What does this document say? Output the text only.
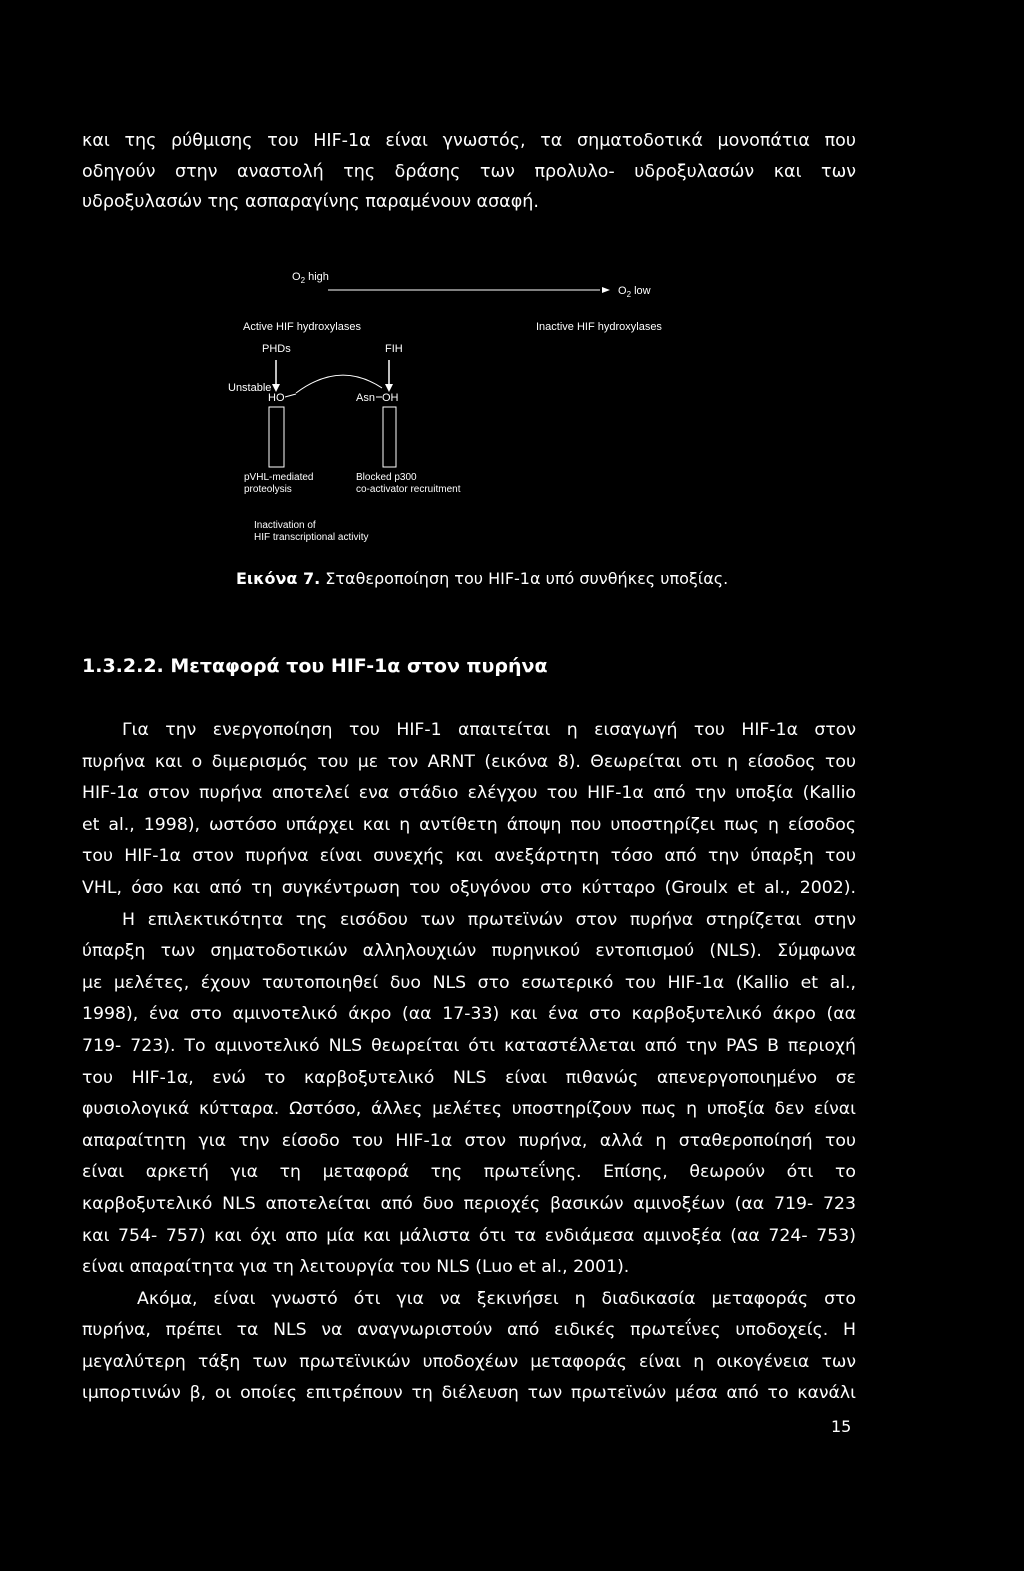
και της ρύθμισης του HIF-1α είναι γνωστός, τα σηματοδοτικά μονοπάτια που
οδηγούν στην αναστολή της δράσης των προλυλο- υδροξυλασών και των
υδροξυλασών της ασπαραγίνης παραμένουν ασαφή.
$O_2$ high
$O_2$ low
Active HIF hydroxylases	Inactive HIF hydroxylases
PHDs	FIH
Unstable
HO	Asn OH
pVHL-mediated
proteolysis
Blocked p300
co-activator recruitment
Inactivation of
HIF transcriptional activity
Εικόνα 7. Σταθεροποίηση του HIF-1α υπό συνθήκες υποξίας.
1.3.2.2. Μεταφορά του HIF-1α στον πυρήνα
Για την ενεργοποίηση του HIF-1 απαιτείται η εισαγωγή του HIF-1α στον
πυρήνα και ο διμερισμός του με τον ARNT (εικόνα 8). Θεωρείται οτι η είσοδος του
HIF-1α στον πυρήνα αποτελεί ενα στάδιο ελέγχου του HIF-1α από την υποξία (Kallio
et al., 1998), ωστόσο υπάρχει και η αντίθετη άποψη που υποστηρίζει πως η είσοδος
του HIF-1α στον πυρήνα είναι συνεχής και ανεξάρτητη τόσο από την ύπαρξη του
VHL, όσο και από τη συγκέντρωση του οξυγόνου στο κύτταρο (Groulx et al., 2002).
Η επιλεκτικότητα της εισόδου των πρωτεϊνών στον πυρήνα στηρίζεται στην
ύπαρξη των σηματοδοτικών αλληλουχιών πυρηνικού εντοπισμού (NLS). Σύμφωνα
με μελέτες, έχουν ταυτοποιηθεί δυο NLS στο εσωτερικό του HIF-1α (Kallio et al.,
1998), ένα στο αμινοτελικό άκρο (αα 17-33) και ένα στο καρβοξυτελικό άκρο (αα
719- 723). Το αμινοτελικό NLS θεωρείται ότι καταστέλλεται από την PAS B περιοχή
του HIF-1α, ενώ το καρβοξυτελικό NLS είναι πιθανώς απενεργοποιημένο σε
φυσιολογικά κύτταρα. Ωστόσο, άλλες μελέτες υποστηρίζουν πως η υποξία δεν είναι
απαραίτητη για την είσοδο του HIF-1α στον πυρήνα, αλλά η σταθεροποίησή του
είναι αρκετή για τη μεταφορά της πρωτεΐνης. Επίσης, θεωρούν ότι το
καρβοξυτελικό NLS αποτελείται από δυο περιοχές βασικών αμινοξέων (αα 719- 723
και 754- 757) και όχι απο μία και μάλιστα ότι τα ενδιάμεσα αμινοξέα (αα 724- 753)
είναι απαραίτητα για τη λειτουργία του NLS (Luo et al., 2001).
Ακόμα, είναι γνωστό ότι για να ξεκινήσει η διαδικασία μεταφοράς στο
πυρήνα, πρέπει τα NLS να αναγνωριστούν από ειδικές πρωτεΐνες υποδοχείς. Η
μεγαλύτερη τάξη των πρωτεϊνικών υποδοχέων μεταφοράς είναι η οικογένεια των
ιμπορτινών β, οι οποίες επιτρέπουν τη διέλευση των πρωτεϊνών μέσα από το κανάλι
15
